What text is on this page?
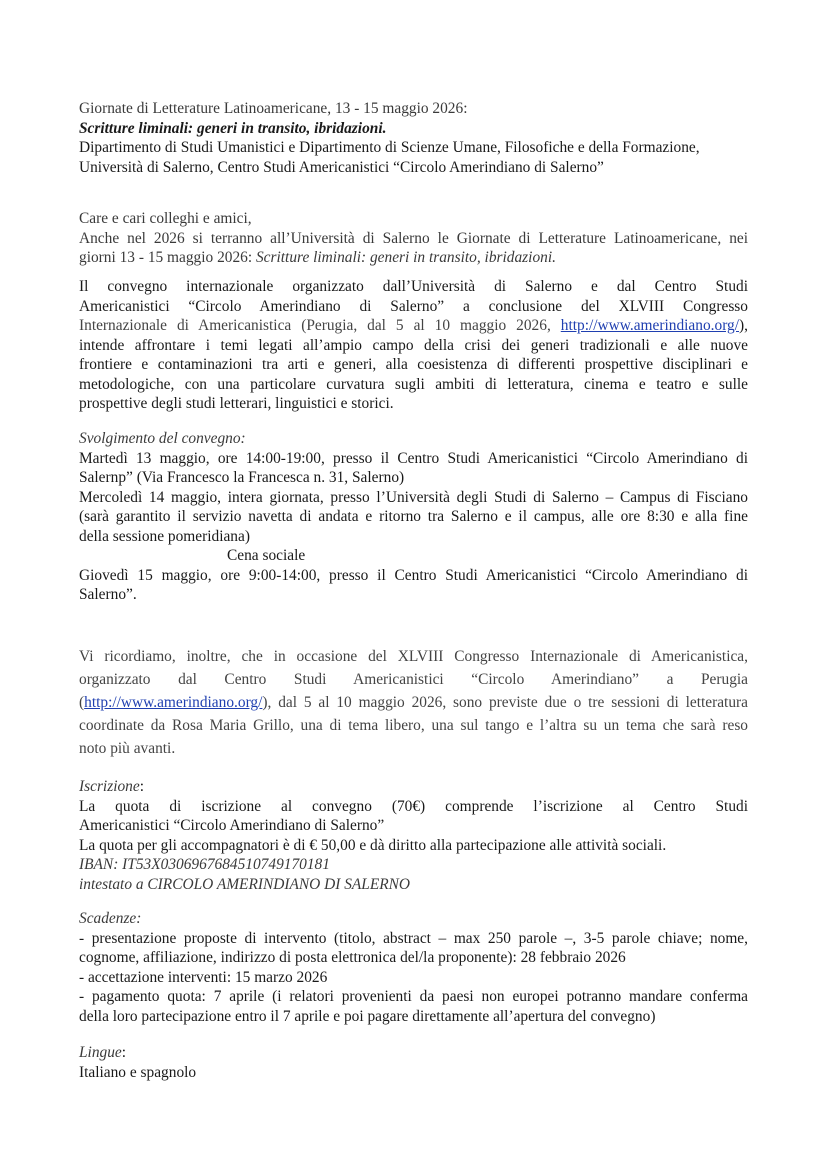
Giornate di Letterature Latinoamericane, 13 - 15 maggio 2026:
Scritture liminali: generi in transito, ibridazioni.
Dipartimento di Studi Umanistici e Dipartimento di Scienze Umane, Filosofiche e della Formazione,
Università di Salerno, Centro Studi Americanistici “Circolo Amerindiano di Salerno”
Care e cari colleghi e amici,
Anche nel 2026 si terranno all’Università di Salerno le Giornate di Letterature Latinoamericane, nei
giorni 13 - 15 maggio 2026: Scritture liminali: generi in transito, ibridazioni.
Il convegno internazionale organizzato dall’Università di Salerno e dal Centro Studi
Americanistici “Circolo Amerindiano di Salerno” a conclusione del XLVIII Congresso
Internazionale di Americanistica (Perugia, dal 5 al 10 maggio 2026, http://www.amerindiano.org/),
intende affrontare i temi legati all’ampio campo della crisi dei generi tradizionali e alle nuove
frontiere e contaminazioni tra arti e generi, alla coesistenza di differenti prospettive disciplinari e
metodologiche, con una particolare curvatura sugli ambiti di letteratura, cinema e teatro e sulle
prospettive degli studi letterari, linguistici e storici.
Svolgimento del convegno:
Martedì 13 maggio, ore 14:00-19:00, presso il Centro Studi Americanistici “Circolo Amerindiano di
Salernp” (Via Francesco la Francesca n. 31, Salerno)
Mercoledì 14 maggio, intera giornata, presso l’Università degli Studi di Salerno – Campus di Fisciano
(sarà garantito il servizio navetta di andata e ritorno tra Salerno e il campus, alle ore 8:30 e alla fine
della sessione pomeridiana)
Cena sociale
Giovedì 15 maggio, ore 9:00-14:00, presso il Centro Studi Americanistici “Circolo Amerindiano di
Salerno”.
Vi ricordiamo, inoltre, che in occasione del XLVIII Congresso Internazionale di Americanistica,
organizzato dal Centro Studi Americanistici “Circolo Amerindiano” a Perugia
(http://www.amerindiano.org/), dal 5 al 10 maggio 2026, sono previste due o tre sessioni di letteratura
coordinate da Rosa Maria Grillo, una di tema libero, una sul tango e l’altra su un tema che sarà reso
noto più avanti.
Iscrizione:
La quota di iscrizione al convegno (70€) comprende l’iscrizione al Centro Studi
Americanistici “Circolo Amerindiano di Salerno”
La quota per gli accompagnatori è di € 50,00 e dà diritto alla partecipazione alle attività sociali.
IBAN: IT53X0306967684510749170181
intestato a CIRCOLO AMERINDIANO DI SALERNO
Scadenze:
- presentazione proposte di intervento (titolo, abstract – max 250 parole –, 3-5 parole chiave; nome,
cognome, affiliazione, indirizzo di posta elettronica del/la proponente): 28 febbraio 2026
- accettazione interventi: 15 marzo 2026
- pagamento quota: 7 aprile (i relatori provenienti da paesi non europei potranno mandare conferma
della loro partecipazione entro il 7 aprile e poi pagare direttamente all’apertura del convegno)
Lingue:
Italiano e spagnolo
